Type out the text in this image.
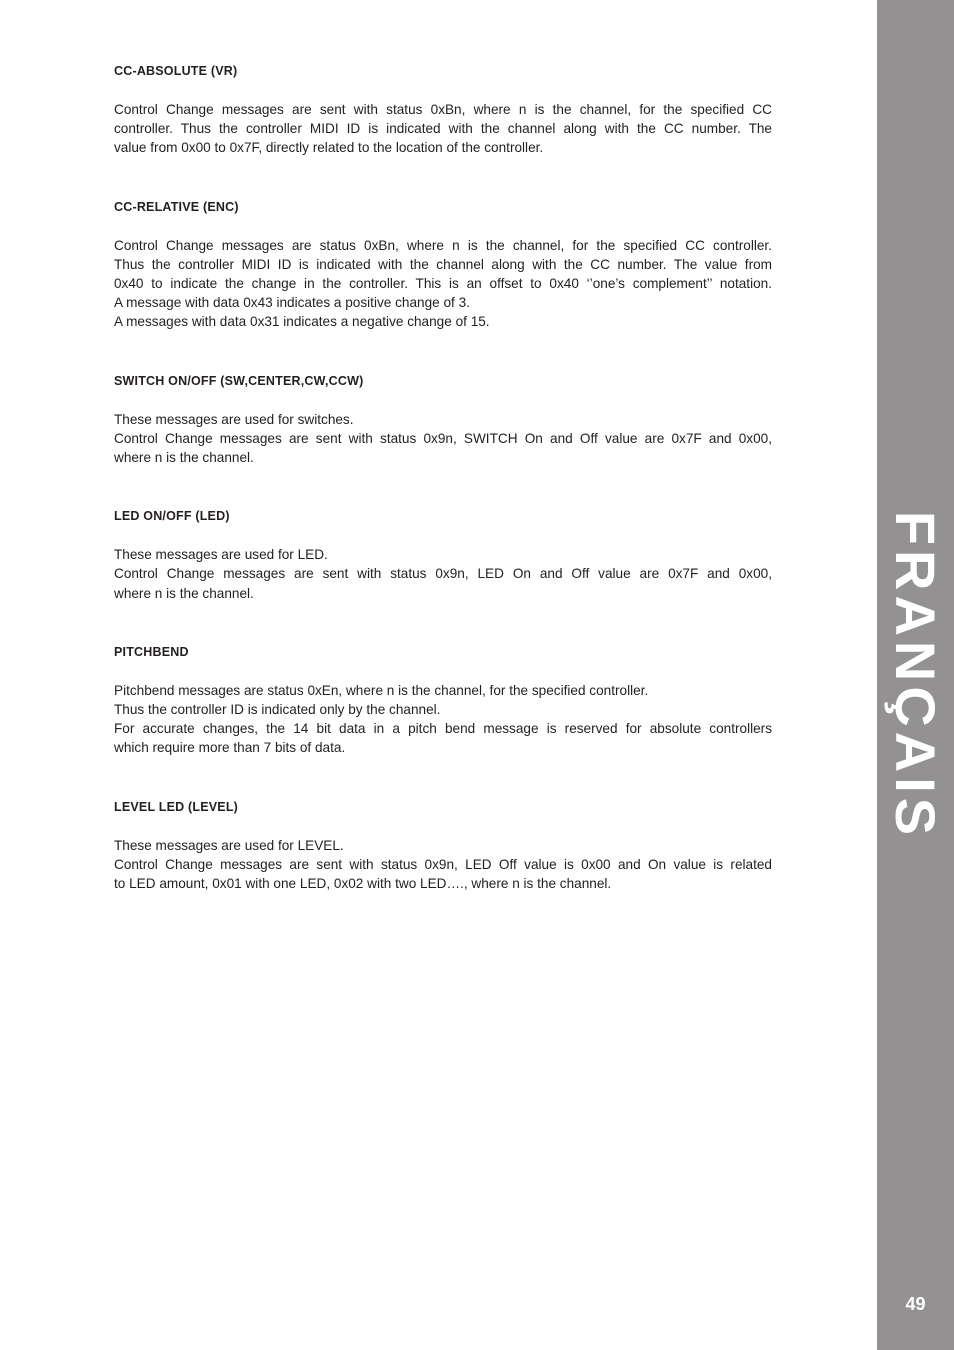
FRANÇAIS
49
CC-ABSOLUTE (VR)

Control Change messages are sent with status 0xBn, where n is the channel, for the specified CC
controller. Thus the controller MIDI ID is indicated with the channel along with the CC number. The
value from 0x00 to 0x7F, directly related to the location of the controller.

CC-RELATIVE (ENC)

Control Change messages are status 0xBn, where n is the channel, for the specified CC controller.
Thus the controller MIDI ID is indicated with the channel along with the CC number. The value from
0x40 to indicate the change in the controller. This is an offset to 0x40 ‘’one’s complement’’ notation.
A message with data 0x43 indicates a positive change of 3.
A messages with data 0x31 indicates a negative change of 15.

SWITCH ON/OFF (SW,CENTER,CW,CCW)

These messages are used for switches.
Control Change messages are sent with status 0x9n, SWITCH On and Off value are 0x7F and 0x00,
where n is the channel.

LED ON/OFF (LED)

These messages are used for LED.
Control Change messages are sent with status 0x9n, LED On and Off value are 0x7F and 0x00,
where n is the channel.

PITCHBEND

Pitchbend messages are status 0xEn, where n is the channel, for the specified controller.
Thus the controller ID is indicated only by the channel.
For accurate changes, the 14 bit data in a pitch bend message is reserved for absolute controllers
which require more than 7 bits of data.

LEVEL LED (LEVEL)

These messages are used for LEVEL.
Control Change messages are sent with status 0x9n, LED Off value is 0x00 and On value is related
to LED amount, 0x01 with one LED, 0x02 with two LED…., where n is the channel.
